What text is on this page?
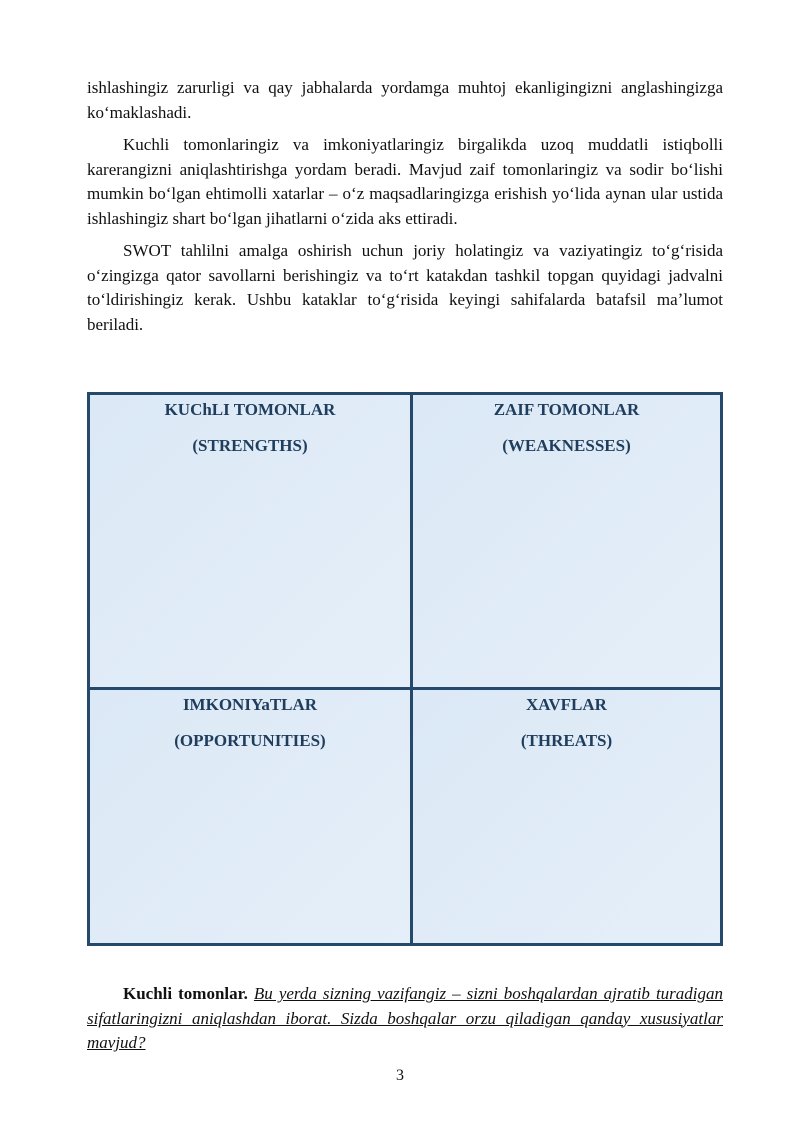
ishlashingiz zarurligi va qay jabhalarda yordamga muhtoj ekanligingizni anglashingizga koʻmaklashadi.

Kuchli tomonlaringiz va imkoniyatlaringiz birgalikda uzoq muddatli istiqbolli karerangizni aniqlashtirishga yordam beradi. Mavjud zaif tomonlaringiz va sodir boʻlishi mumkin boʻlgan ehtimolli xatarlar – oʻz maqsadlaringizga erishish yoʻlida aynan ular ustida ishlashingiz shart boʻlgan jihatlarni oʻzida aks ettiradi.

SWOT tahlilni amalga oshirish uchun joriy holatingiz va vaziyatingiz toʻgʻrisida oʻzingizga qator savollarni berishingiz va toʻrt katakdan tashkil topgan quyidagi jadvalni toʻldirishingiz kerak. Ushbu kataklar toʻgʻrisida keyingi sahifalarda batafsil maʼlumot beriladi.

KUChLI TOMONLAR
(STRENGTHS)
ZAIF TOMONLAR
(WEAKNESSES)
IMKONIYaTLAR
(OPPORTUNITIES)
XAVFLAR
(THREATS)

Kuchli tomonlar. Bu yerda sizning vazifangiz – sizni boshqalardan ajratib turadigan sifatlaringizni aniqlashdan iborat. Sizda boshqalar orzu qiladigan qanday xususiyatlar mavjud?

3
